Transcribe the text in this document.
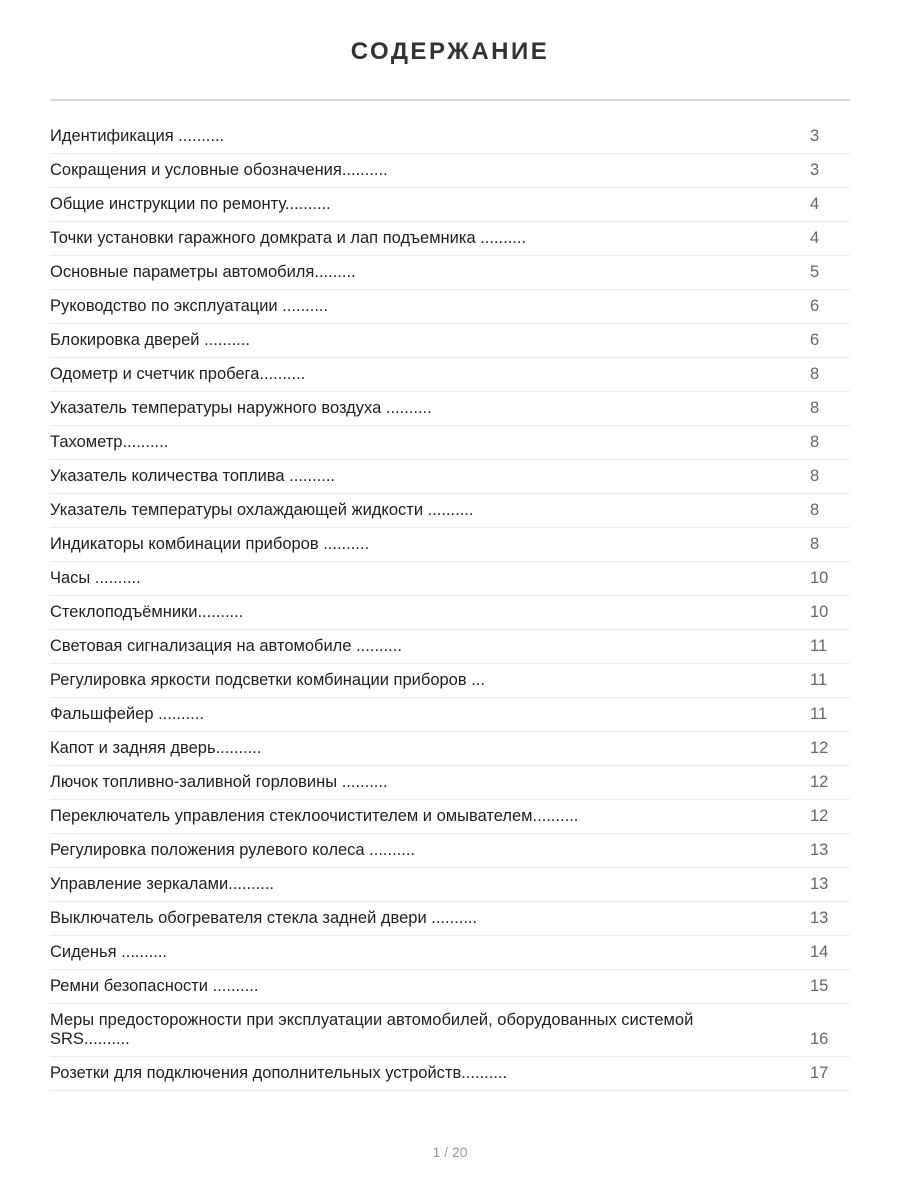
СОДЕРЖАНИЕ
Идентификация ..........	3
Сокращения и условные обозначения..........	3
Общие инструкции по ремонту..........	4
Точки установки гаражного домкрата и лап подъемника ..........	4
Основные параметры автомобиля.........	5
Руководство по эксплуатации ..........	6
Блокировка дверей ..........	6
Одометр и счетчик пробега..........	8
Указатель температуры наружного воздуха ..........	8
Тахометр..........	8
Указатель количества топлива ..........	8
Указатель температуры охлаждающей жидкости ..........	8
Индикаторы комбинации приборов ..........	8
Часы ..........	10
Стеклоподъёмники..........	10
Световая сигнализация на автомобиле ..........	11
Регулировка яркости подсветки комбинации приборов ...	11
Фальшфейер ..........	11
Капот и задняя дверь..........	12
Лючок топливно-заливной горловины ..........	12
Переключатель управления стеклоочистителем и омывателем..........	12
Регулировка положения рулевого колеса ..........	13
Управление зеркалами..........	13
Выключатель обогревателя стекла задней двери ..........	13
Сиденья ..........	14
Ремни безопасности ..........	15
Меры предосторожности при эксплуатации автомобилей, оборудованных системой SRS..........	16
Розетки для подключения дополнительных устройств..........	17
1 / 20
